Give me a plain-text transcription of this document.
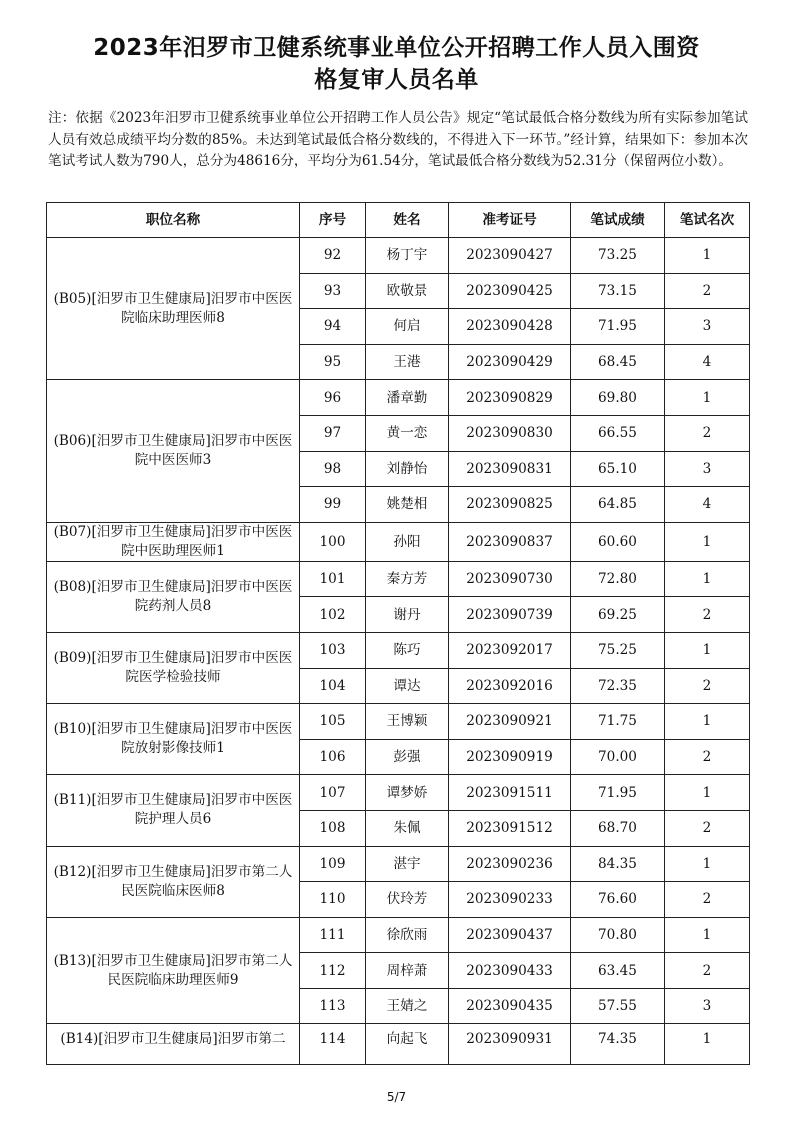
2023年汨罗市卫健系统事业单位公开招聘工作人员入围资
格复审人员名单
注：依据《2023年汨罗市卫健系统事业单位公开招聘工作人员公告》规定“笔试最低合格分数线为所有实际参加笔试人员有效总成绩平均分数的85%。未达到笔试最低合格分数线的，不得进入下一环节。”经计算，结果如下：参加本次笔试考试人数为790人，总分为48616分，平均分为61.54分，笔试最低合格分数线为52.31分（保留两位小数）。
职位名称	序号	姓名	准考证号	笔试成绩	笔试名次
(B05)[汨罗市卫生健康局]汨罗市中医医院临床助理医师8	92	杨丁宇	2023090427	73.25	1
	93	欧敬景	2023090425	73.15	2
	94	何启	2023090428	71.95	3
	95	王港	2023090429	68.45	4
(B06)[汨罗市卫生健康局]汨罗市中医医院中医医师3	96	潘章勤	2023090829	69.80	1
	97	黄一恋	2023090830	66.55	2
	98	刘静怡	2023090831	65.10	3
	99	姚楚相	2023090825	64.85	4
(B07)[汨罗市卫生健康局]汨罗市中医医院中医助理医师1	100	孙阳	2023090837	60.60	1
(B08)[汨罗市卫生健康局]汨罗市中医医院药剂人员8	101	秦方芳	2023090730	72.80	1
	102	谢丹	2023090739	69.25	2
(B09)[汨罗市卫生健康局]汨罗市中医医院医学检验技师	103	陈巧	2023092017	75.25	1
	104	谭达	2023092016	72.35	2
(B10)[汨罗市卫生健康局]汨罗市中医医院放射影像技师1	105	王博颖	2023090921	71.75	1
	106	彭强	2023090919	70.00	2
(B11)[汨罗市卫生健康局]汨罗市中医医院护理人员6	107	谭梦娇	2023091511	71.95	1
	108	朱佩	2023091512	68.70	2
(B12)[汨罗市卫生健康局]汨罗市第二人民医院临床医师8	109	湛宇	2023090236	84.35	1
	110	伏玲芳	2023090233	76.60	2
(B13)[汨罗市卫生健康局]汨罗市第二人民医院临床助理医师9	111	徐欣雨	2023090437	70.80	1
	112	周梓萧	2023090433	63.45	2
	113	王婧之	2023090435	57.55	3
(B14)[汨罗市卫生健康局]汨罗市第二	114	向起飞	2023090931	74.35	1
5/7
